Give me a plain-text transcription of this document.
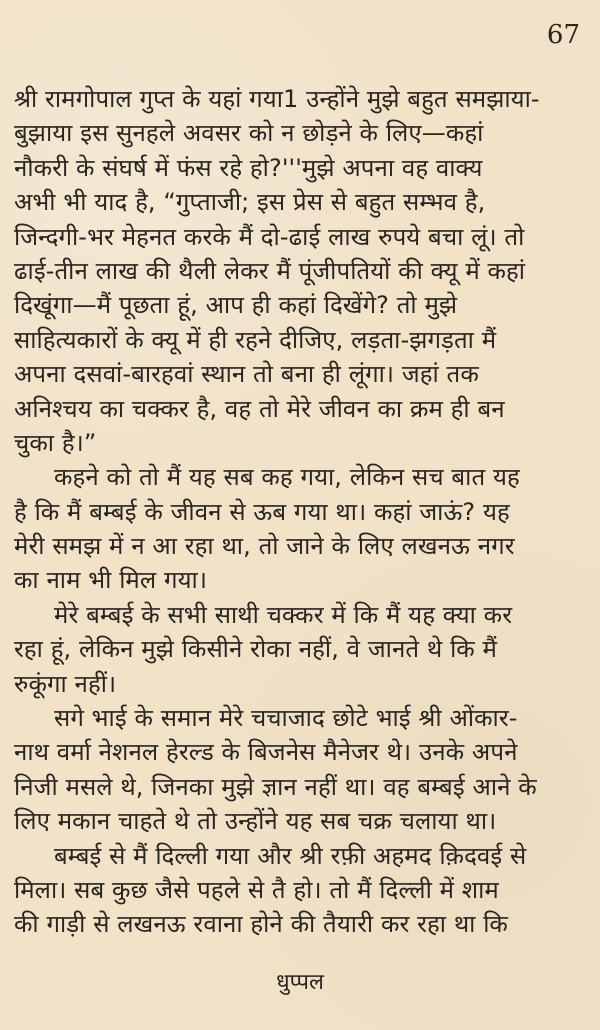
67

श्री रामगोपाल गुप्त के यहां गया1 उन्होंने मुझे बहुत समझाया-
बुझाया इस सुनहले अवसर को न छोड़ने के लिए—कहां
नौकरी के संघर्ष में फंस रहे हो?'''मुझे अपना वह वाक्य
अभी भी याद है, “गुप्ताजी; इस प्रेस से बहुत सम्भव है,
जिन्दगी-भर मेहनत करके मैं दो-ढाई लाख रुपये बचा लूं। तो
ढाई-तीन लाख की थैली लेकर मैं पूंजीपतियों की क्यू में कहां
दिखूंगा—मैं पूछता हूं, आप ही कहां दिखेंगे? तो मुझे
साहित्यकारों के क्यू में ही रहने दीजिए, लड़ता-झगड़ता मैं
अपना दसवां-बारहवां स्थान तो बना ही लूंगा। जहां तक
अनिश्चय का चक्कर है, वह तो मेरे जीवन का क्रम ही बन
चुका है।”

कहने को तो मैं यह सब कह गया, लेकिन सच बात यह
है कि मैं बम्बई के जीवन से ऊब गया था। कहां जाऊं? यह
मेरी समझ में न आ रहा था, तो जाने के लिए लखनऊ नगर
का नाम भी मिल गया।

मेरे बम्बई के सभी साथी चक्कर में कि मैं यह क्या कर
रहा हूं, लेकिन मुझे किसीने रोका नहीं, वे जानते थे कि मैं
रुकूंगा नहीं।

सगे भाई के समान मेरे चचाजाद छोटे भाई श्री ओंकार-
नाथ वर्मा नेशनल हेरल्ड के बिजनेस मैनेजर थे। उनके अपने
निजी मसले थे, जिनका मुझे ज्ञान नहीं था। वह बम्बई आने के
लिए मकान चाहते थे तो उन्होंने यह सब चक्र चलाया था।

बम्बई से मैं दिल्ली गया और श्री रफ़ी अहमद क़िदवई से
मिला। सब कुछ जैसे पहले से तै हो। तो मैं दिल्ली में शाम
की गाड़ी से लखनऊ रवाना होने की तैयारी कर रहा था कि

धुप्पल
